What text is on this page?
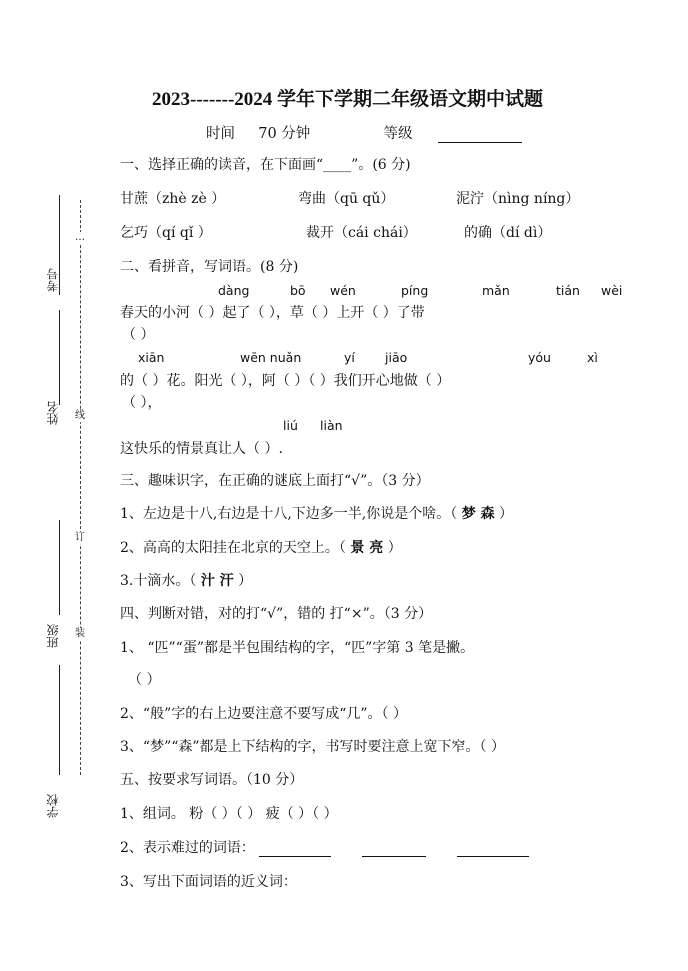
考号
姓名
班级
学校
…
线
订
装
2023-------2024 学年下学期二年级语文期中试题
时间 70 分钟	等级
一、选择正确的读音，在下面画“____”。(6 分)
甘蔗（zhè zè ）	弯曲（qū qǔ）	泥泞（nìng níng）
乞巧（qí qǐ ）	裁开（cái chái）	的确（dí dì）
二、看拼音，写词语。(8 分)
dàng	bō wén	píng	mǎn	tián wèi
春天的小河（ ）起了（ ），草（ ）上开（ ）了带
（ ）
xiān	wēn nuǎn	yí jiāo	yóu	xì
的（ ）花。阳光（ ），阿（ ）（ ）我们开心地做（ ）
（ ），
liú liàn
这快乐的情景真让人（ ）.
三、趣味识字，在正确的谜底上面打“√”。（3 分）
1、左边是十八,右边是十八,下边多一半,你说是个啥。（ 梦 森 ）
2、高高的太阳挂在北京的天空上。（ 景 亮 ）
3.十滴水。（ 汁 汗 ）
四、判断对错，对的打“√”，错的 打“×”。（3 分）
1、 “匹”“蛋”都是半包围结构的字，“匹”字第 3 笔是撇。
（ ）
2、“般”字的右上边要注意不要写成“几”。（ ）
3、“梦”“森”都是上下结构的字，书写时要注意上宽下窄。（ ）
五、按要求写词语。（10 分）
1、组词。 粉（ ）（ ） 疲（ ）（ ）
2、表示难过的词语：
3、写出下面词语的近义词：
